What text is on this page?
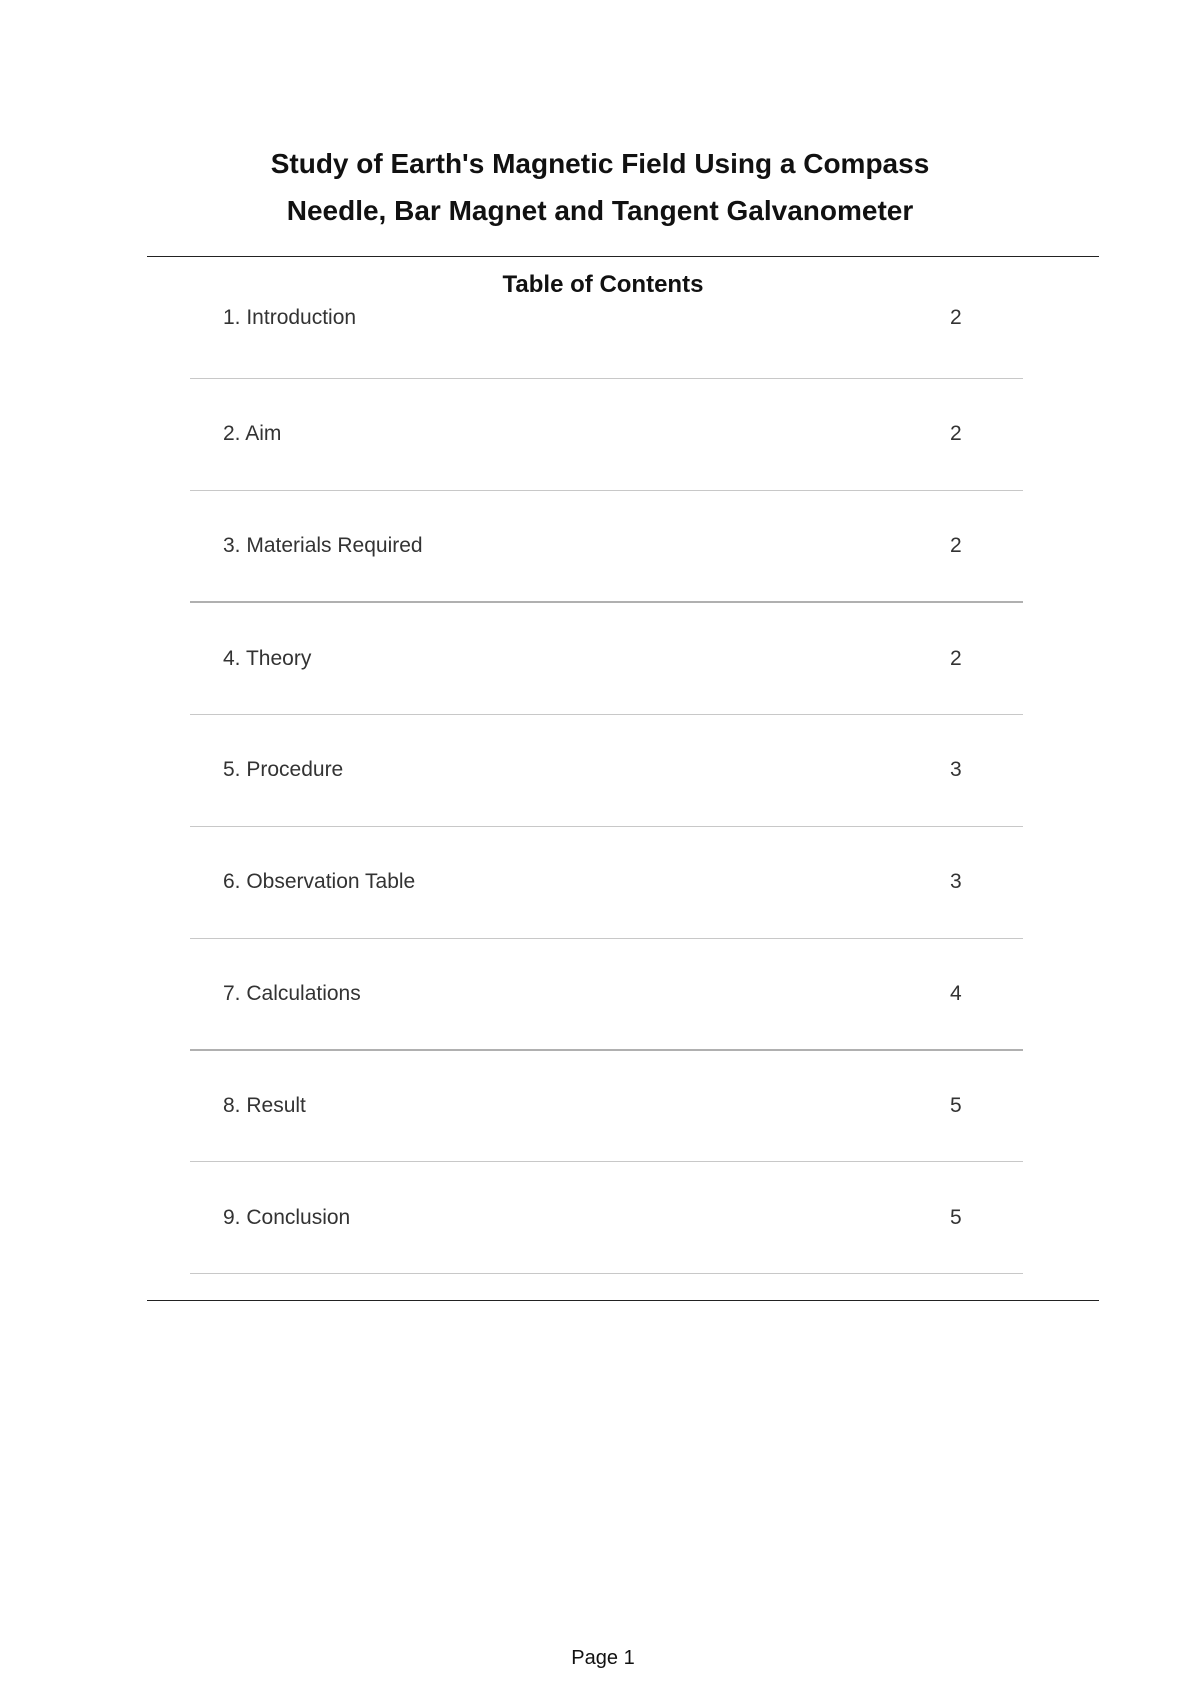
Study of Earth's Magnetic Field Using a Compass
Needle, Bar Magnet and Tangent Galvanometer
Table of Contents
1. Introduction	2
2. Aim	2
3. Materials Required	2
4. Theory	2
5. Procedure	3
6. Observation Table	3
7. Calculations	4
8. Result	5
9. Conclusion	5
Page 1
